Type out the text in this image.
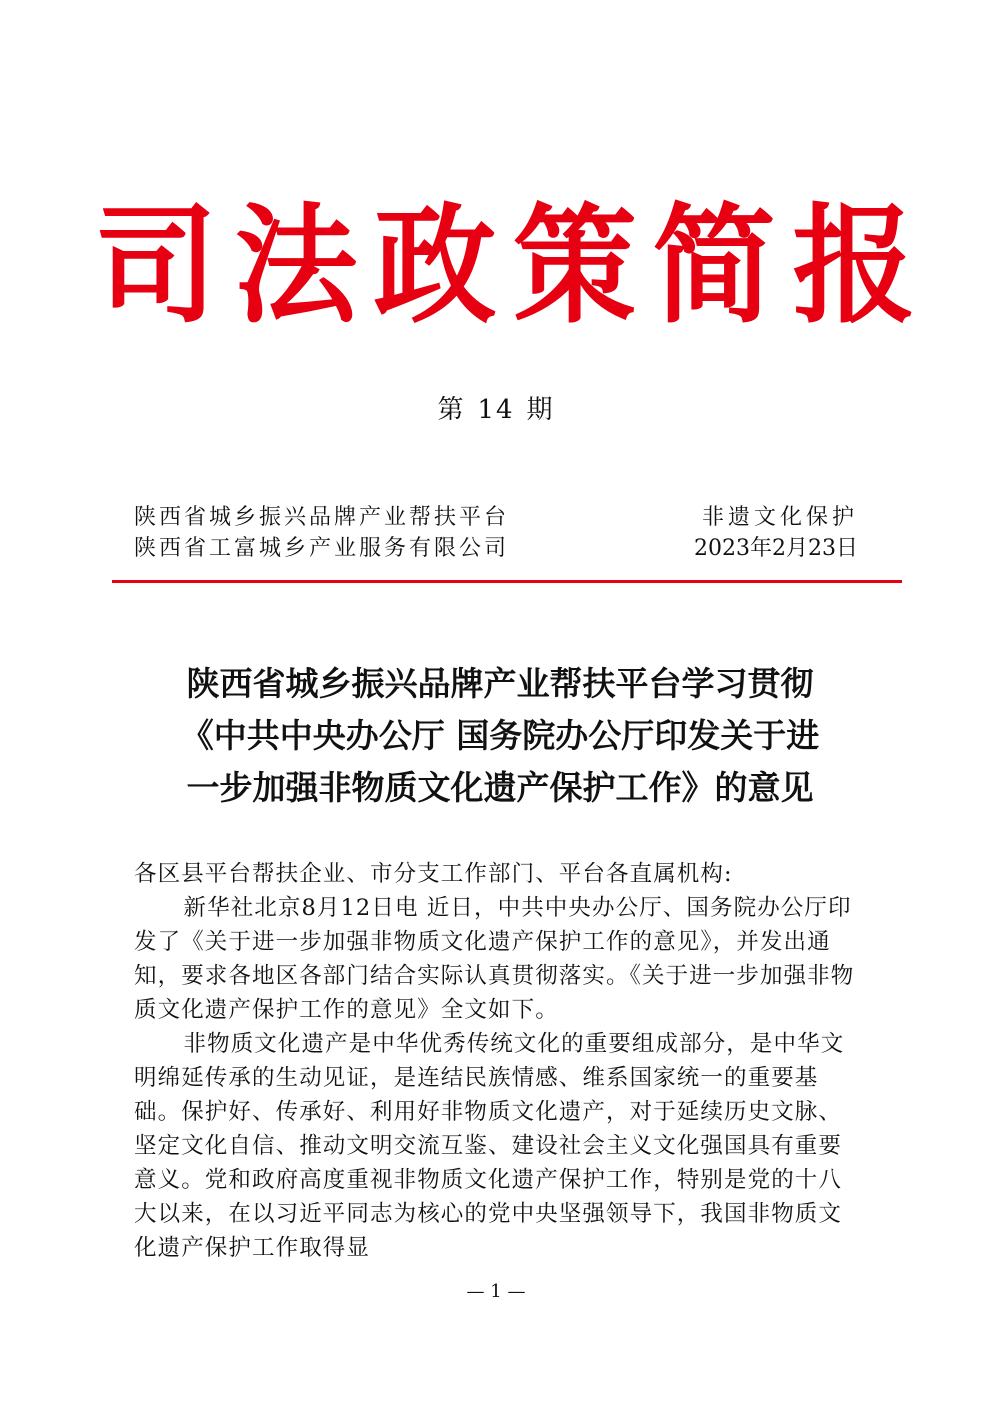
司 法 政 策 简 报
第 14 期
陕西省城乡振兴品牌产业帮扶平台
陕西省工富城乡产业服务有限公司
非遗文化保护
2023年2月23日
陕西省城乡振兴品牌产业帮扶平台学习贯彻
《中共中央办公厅 国务院办公厅印发关于进
一步加强非物质文化遗产保护工作》的意见

各区县平台帮扶企业、市分支工作部门、平台各直属机构:

新华社北京8月12日电 近日，中共中央办公厅、国务院办公厅印发了《关于进一步加强非物质文化遗产保护工作的意见》，并发出通知，要求各地区各部门结合实际认真贯彻落实。《关于进一步加强非物质文化遗产保护工作的意见》全文如下。

非物质文化遗产是中华优秀传统文化的重要组成部分，是中华文明绵延传承的生动见证，是连结民族情感、维系国家统一的重要基础。保护好、传承好、利用好非物质文化遗产，对于延续历史文脉、坚定文化自信、推动文明交流互鉴、建设社会主义文化强国具有重要意义。党和政府高度重视非物质文化遗产保护工作，特别是党的十八大以来，在以习近平同志为核心的党中央坚强领导下，我国非物质文化遗产保护工作取得显

— 1 —
